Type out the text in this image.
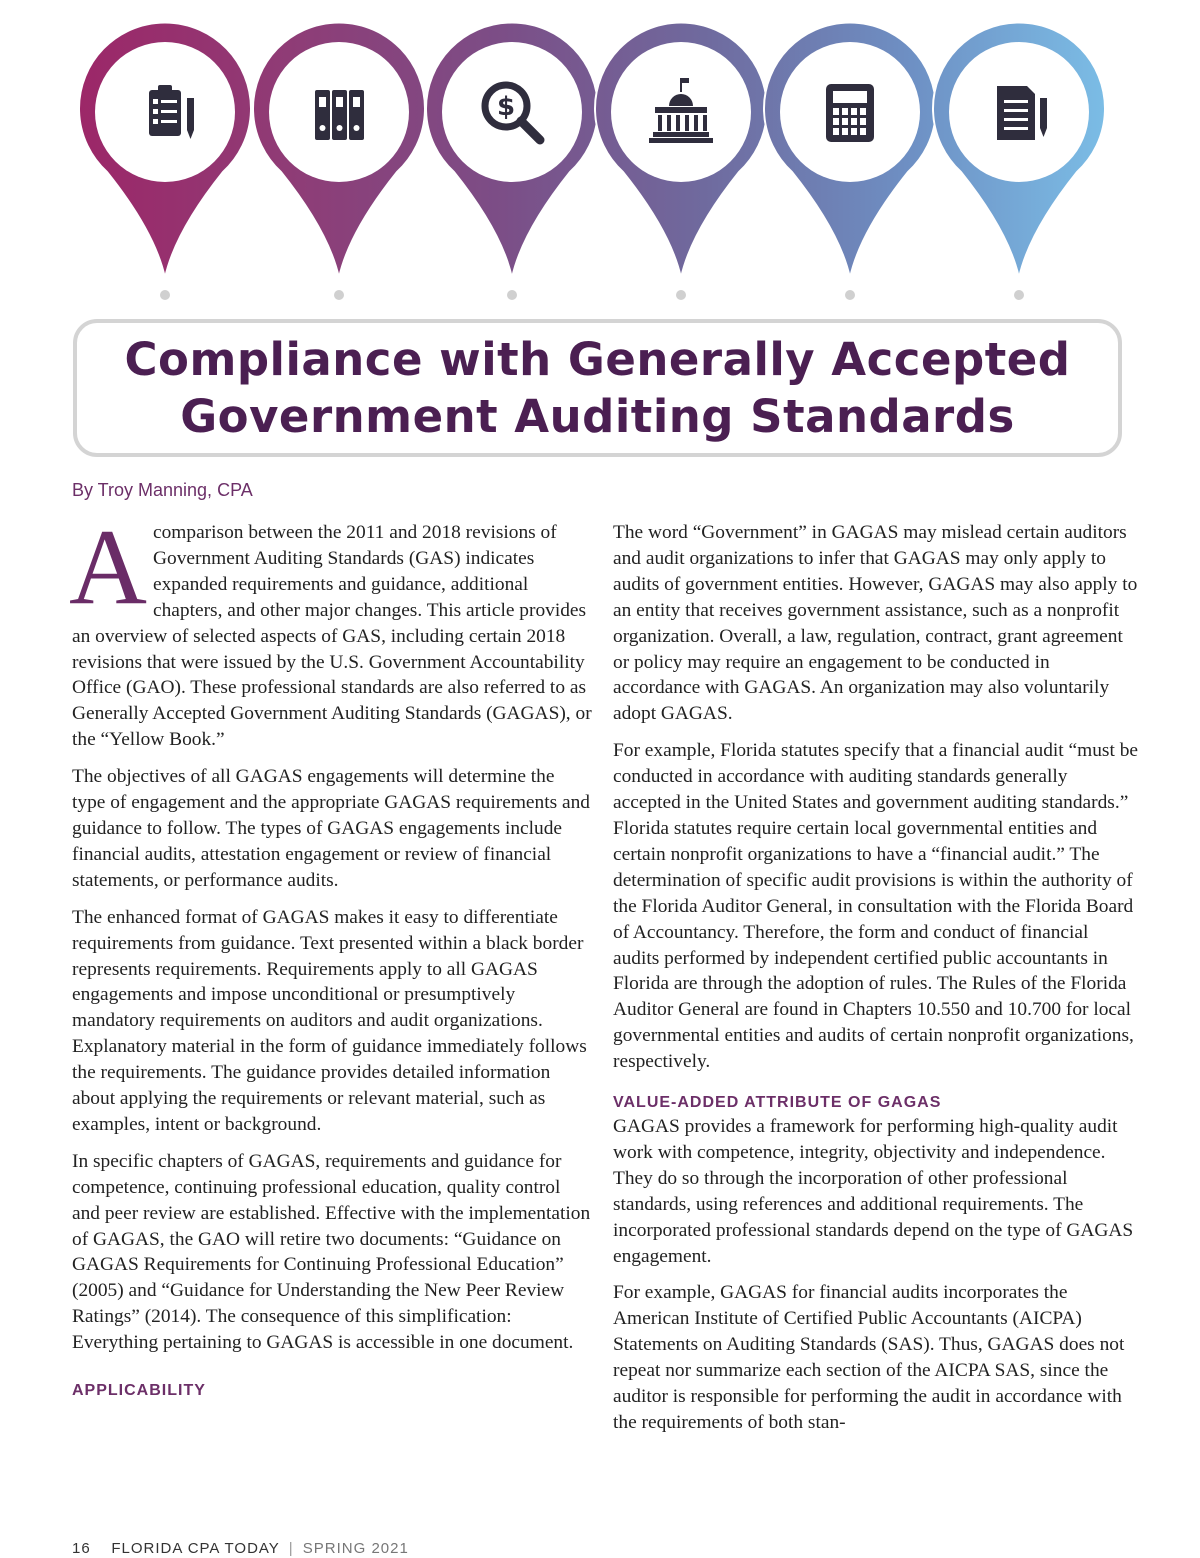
$
Compliance with Generally Accepted
Government Auditing Standards
By Troy Manning, CPA

A comparison between the 2011 and 2018 revisions of Government Auditing Standards (GAS) indicates expanded requirements and guidance, additional chapters, and other major changes. This article provides an overview of selected aspects of GAS, including certain 2018 revisions that were issued by the U.S. Government Accountability Office (GAO). These professional standards are also referred to as Generally Accepted Government Auditing Standards (GAGAS), or the “Yellow Book.”

The objectives of all GAGAS engagements will determine the type of engagement and the appropriate GAGAS requirements and guidance to follow. The types of GAGAS engagements include financial audits, attestation engagement or review of financial statements, or performance audits.

The enhanced format of GAGAS makes it easy to differentiate requirements from guidance. Text presented within a black border represents requirements. Requirements apply to all GAGAS engagements and impose unconditional or presumptively mandatory requirements on auditors and audit organizations. Explanatory material in the form of guidance immediately follows the requirements. The guidance provides detailed information about applying the requirements or relevant material, such as examples, intent or background.

In specific chapters of GAGAS, requirements and guidance for competence, continuing professional education, quality control and peer review are established. Effective with the implementation of GAGAS, the GAO will retire two documents: “Guidance on GAGAS Requirements for Continuing Professional Education” (2005) and “Guidance for Understanding the New Peer Review Ratings” (2014). The consequence of this simplification: Everything pertaining to GAGAS is accessible in one document.

APPLICABILITY

The word “Government” in GAGAS may mislead certain auditors and audit organizations to infer that GAGAS may only apply to audits of government entities. However, GAGAS may also apply to an entity that receives government assistance, such as a nonprofit organization. Overall, a law, regulation, contract, grant agreement or policy may require an engagement to be conducted in accordance with GAGAS. An organization may also voluntarily adopt GAGAS.

For example, Florida statutes specify that a financial audit “must be conducted in accordance with auditing standards generally accepted in the United States and government auditing standards.” Florida statutes require certain local governmental entities and certain nonprofit organizations to have a “financial audit.” The determination of specific audit provisions is within the authority of the Florida Auditor General, in consultation with the Florida Board of Accountancy. Therefore, the form and conduct of financial audits performed by independent certified public accountants in Florida are through the adoption of rules. The Rules of the Florida Auditor General are found in Chapters 10.550 and 10.700 for local governmental entities and audits of certain nonprofit organizations, respectively.

VALUE-ADDED ATTRIBUTE OF GAGAS

GAGAS provides a framework for performing high-quality audit work with competence, integrity, objectivity and independence. They do so through the incorporation of other professional standards, using references and additional requirements. The incorporated professional standards depend on the type of GAGAS engagement.

For example, GAGAS for financial audits incorporates the American Institute of Certified Public Accountants (AICPA) Statements on Auditing Standards (SAS). Thus, GAGAS does not repeat nor summarize each section of the AICPA SAS, since the auditor is responsible for performing the audit in accordance with the requirements of both stan-

16 FLORIDA CPA TODAY | SPRING 2021
